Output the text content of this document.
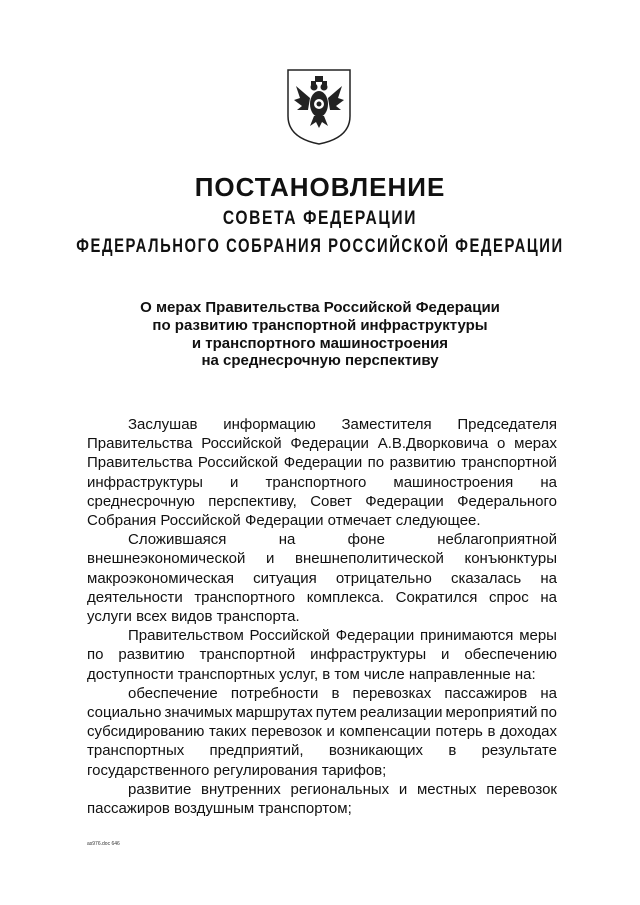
ПОСТАНОВЛЕНИЕ
СОВЕТА ФЕДЕРАЦИИ
ФЕДЕРАЛЬНОГО СОБРАНИЯ РОССИЙСКОЙ ФЕДЕРАЦИИ
О мерах Правительства Российской Федерации
по развитию транспортной инфраструктуры
и транспортного машиностроения
на среднесрочную перспективу
Заслушав информацию Заместителя Председателя
Правительства Российской Федерации А.В.Дворковича о мерах
Правительства Российской Федерации по развитию транспортной
инфраструктуры и транспортного машиностроения на
среднесрочную перспективу, Совет Федерации Федерального
Собрания Российской Федерации отмечает следующее.
Сложившаяся	на	фоне	неблагоприятной
внешнеэкономической и внешнеполитической конъюнктуры
макроэкономическая ситуация отрицательно сказалась на
деятельности транспортного комплекса. Сократился спрос на
услуги всех видов транспорта.
Правительством Российской Федерации принимаются меры
по развитию транспортной инфраструктуры и обеспечению
доступности транспортных услуг, в том числе направленные на:
обеспечение потребности в перевозках пассажиров на
социально значимых маршрутах путем реализации мероприятий по
субсидированию таких перевозок и компенсации потерь в доходах
транспортных предприятий, возникающих в результате
государственного регулирования тарифов;
развитие внутренних региональных и местных перевозок
пассажиров воздушным транспортом;
as976.doc 646
